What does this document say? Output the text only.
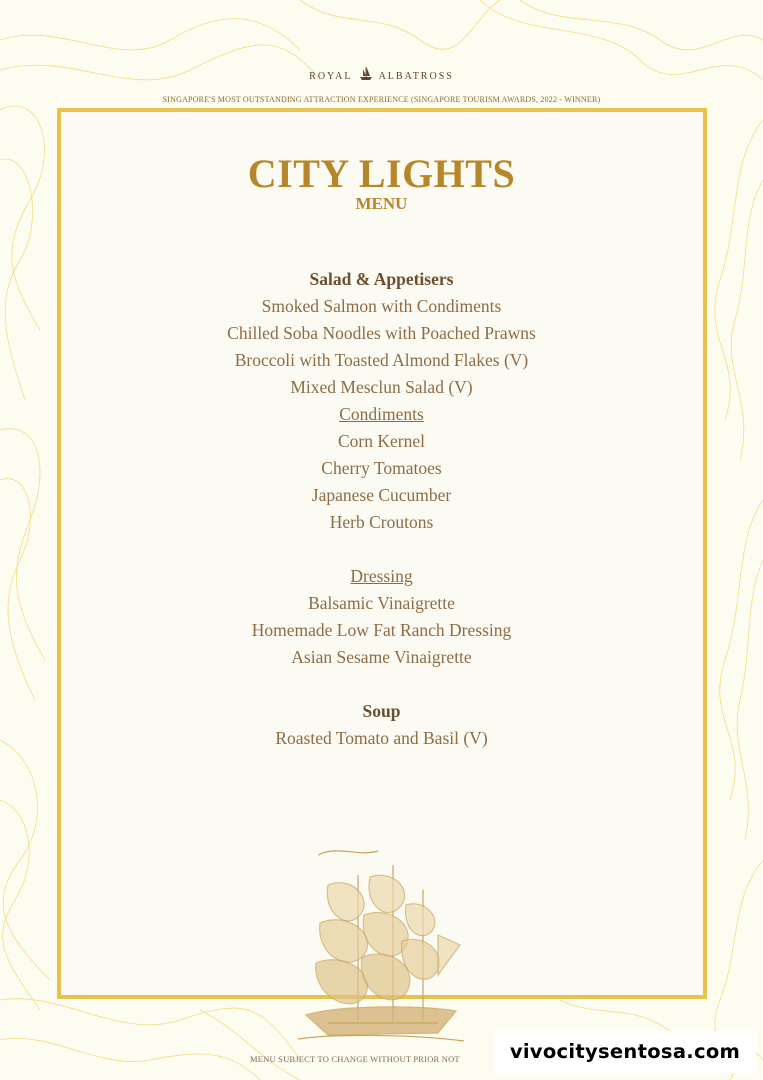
ROYAL	ALBATROSS
SINGAPORE'S MOST OUTSTANDING ATTRACTION EXPERIENCE (SINGAPORE TOURISM AWARDS, 2022 - WINNER)
CITY LIGHTS
MENU
Salad & Appetisers
Smoked Salmon with Condiments
Chilled Soba Noodles with Poached Prawns
Broccoli with Toasted Almond Flakes (V)
Mixed Mesclun Salad (V)
Condiments
Corn Kernel
Cherry Tomatoes
Japanese Cucumber
Herb Croutons
Dressing
Balsamic Vinaigrette
Homemade Low Fat Ranch Dressing
Asian Sesame Vinaigrette
Soup
Roasted Tomato and Basil (V)
MENU SUBJECT TO CHANGE WITHOUT PRIOR NOT	vivocitysentosa.com
